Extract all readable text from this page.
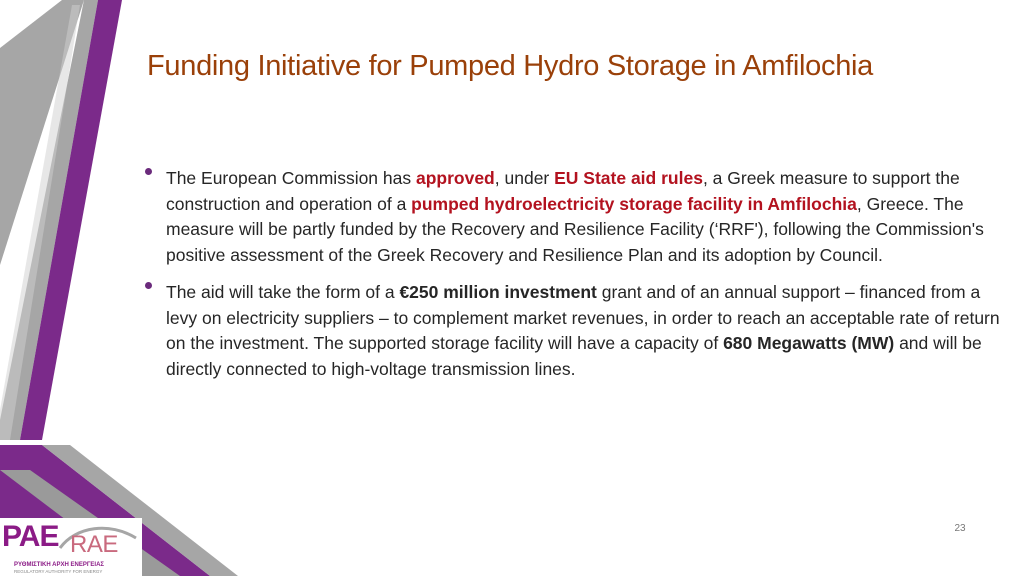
Funding Initiative for Pumped Hydro Storage in Amfilochia
The European Commission has approved, under EU State aid rules, a Greek measure to support the construction and operation of a pumped hydroelectricity storage facility in Amfilochia, Greece. The measure will be partly funded by the Recovery and Resilience Facility (‘RRF'), following the Commission's positive assessment of the Greek Recovery and Resilience Plan and its adoption by Council.
The aid will take the form of a €250 million investment grant and of an annual support – financed from a levy on electricity suppliers – to complement market revenues, in order to reach an acceptable rate of return on the investment. The supported storage facility will have a capacity of 680 Megawatts (MW) and will be directly connected to high-voltage transmission lines.
23
PAE RAE
ΡΥΘΜΙΣΤΙΚΗ ΑΡΧΗ ΕΝΕΡΓΕΙΑΣ
REGULATORY AUTHORITY FOR ENERGY
